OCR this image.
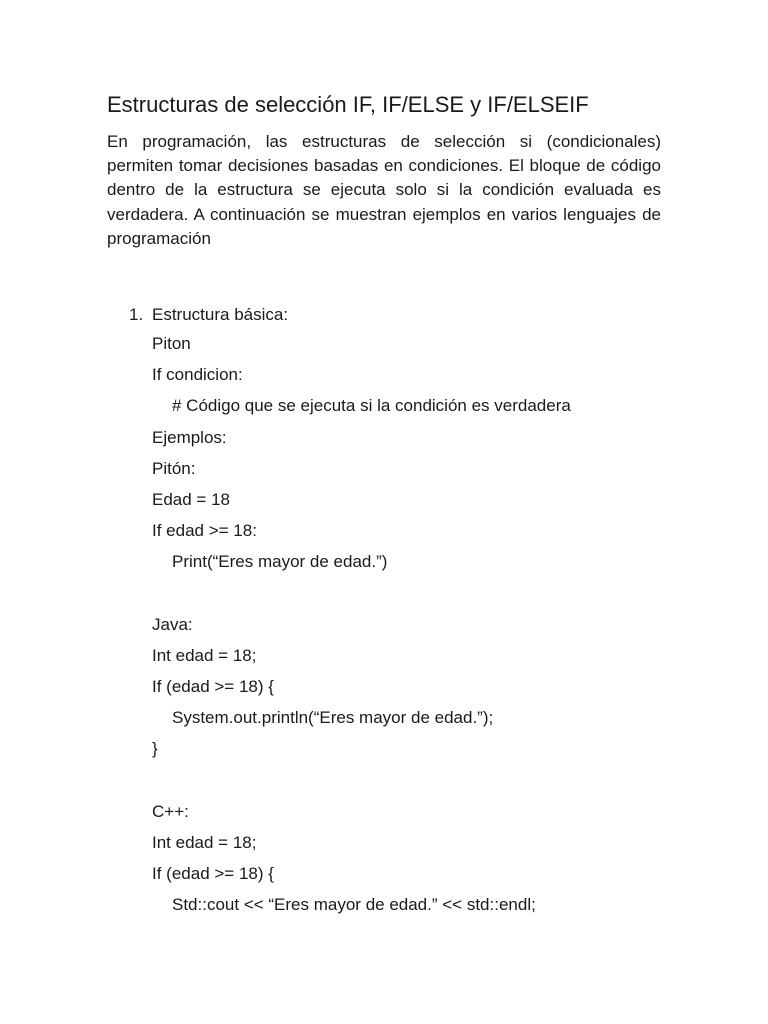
Estructuras de selección IF, IF/ELSE y IF/ELSEIF

En programación, las estructuras de selección si (condicionales) permiten tomar decisiones basadas en condiciones. El bloque de código dentro de la estructura se ejecuta solo si la condición evaluada es verdadera. A continuación se muestran ejemplos en varios lenguajes de programación

1. Estructura básica:
Piton
If condicion:
# Código que se ejecuta si la condición es verdadera
Ejemplos:
Pitón:
Edad = 18
If edad >= 18:
Print(“Eres mayor de edad.”)
Java:
Int edad = 18;
If (edad >= 18) {
System.out.println(“Eres mayor de edad.”);
}
C++:
Int edad = 18;
If (edad >= 18) {
Std::cout << “Eres mayor de edad.” << std::endl;
